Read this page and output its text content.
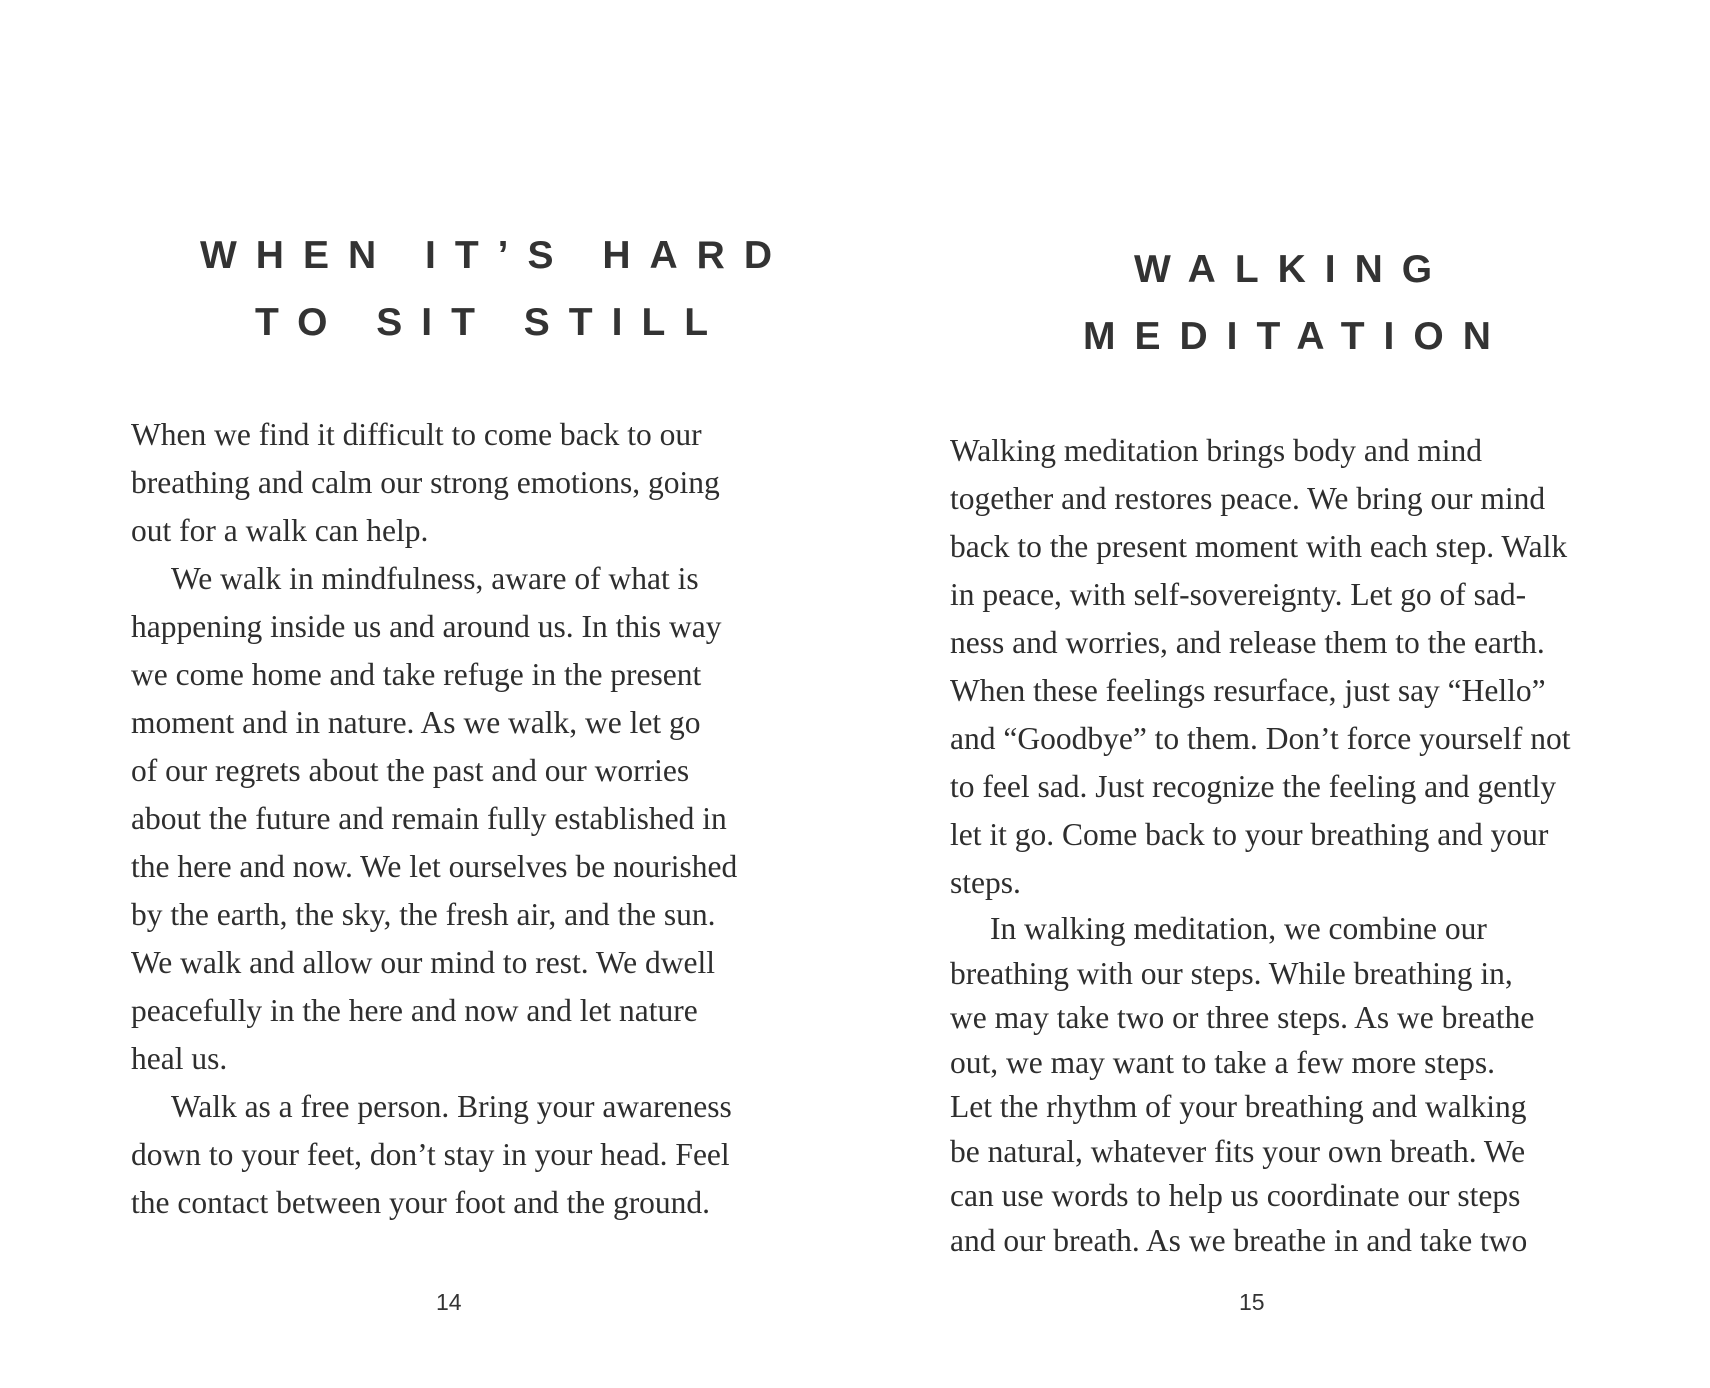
WHEN IT’S HARD
TO SIT STILL

When we find it difficult to come back to our
breathing and calm our strong emotions, going
out for a walk can help.

We walk in mindfulness, aware of what is
happening inside us and around us. In this way
we come home and take refuge in the present
moment and in nature. As we walk, we let go
of our regrets about the past and our worries
about the future and remain fully established in
the here and now. We let ourselves be nourished
by the earth, the sky, the fresh air, and the sun.
We walk and allow our mind to rest. We dwell
peacefully in the here and now and let nature
heal us.

Walk as a free person. Bring your awareness
down to your feet, don’t stay in your head. Feel
the contact between your foot and the ground.

14
WALKING
MEDITATION

Walking meditation brings body and mind
together and restores peace. We bring our mind
back to the present moment with each step. Walk
in peace, with self-sovereignty. Let go of sad-
ness and worries, and release them to the earth.
When these feelings resurface, just say “Hello”
and “Goodbye” to them. Don’t force yourself not
to feel sad. Just recognize the feeling and gently
let it go. Come back to your breathing and your
steps.

In walking meditation, we combine our
breathing with our steps. While breathing in,
we may take two or three steps. As we breathe
out, we may want to take a few more steps.
Let the rhythm of your breathing and walking
be natural, whatever fits your own breath. We
can use words to help us coordinate our steps
and our breath. As we breathe in and take two

15
